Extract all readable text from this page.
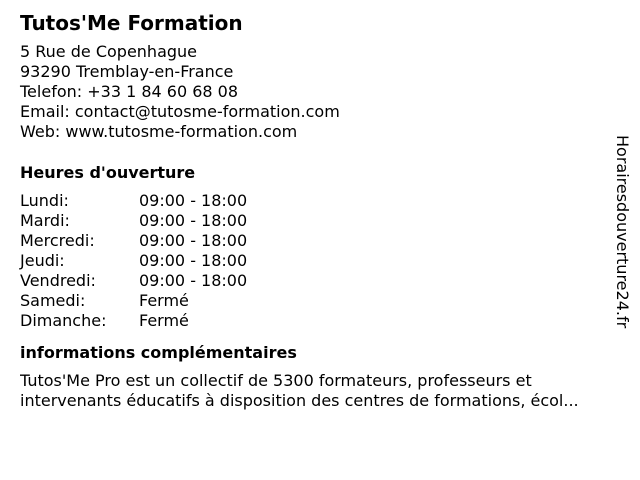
Tutos'Me Formation
5 Rue de Copenhague
93290 Tremblay-en-France
Telefon: +33 1 84 60 68 08
Email: contact@tutosme-formation.com
Web: www.tutosme-formation.com
Heures d'ouverture
Lundi:	09:00 - 18:00
Mardi:	09:00 - 18:00
Mercredi:	09:00 - 18:00
Jeudi:	09:00 - 18:00
Vendredi:	09:00 - 18:00
Samedi:	Fermé
Dimanche:	Fermé
informations complémentaires

Tutos'Me Pro est un collectif de 5300 formateurs, professeurs et
intervenants éducatifs à disposition des centres de formations, écol...

Horairesdouverture24.fr
